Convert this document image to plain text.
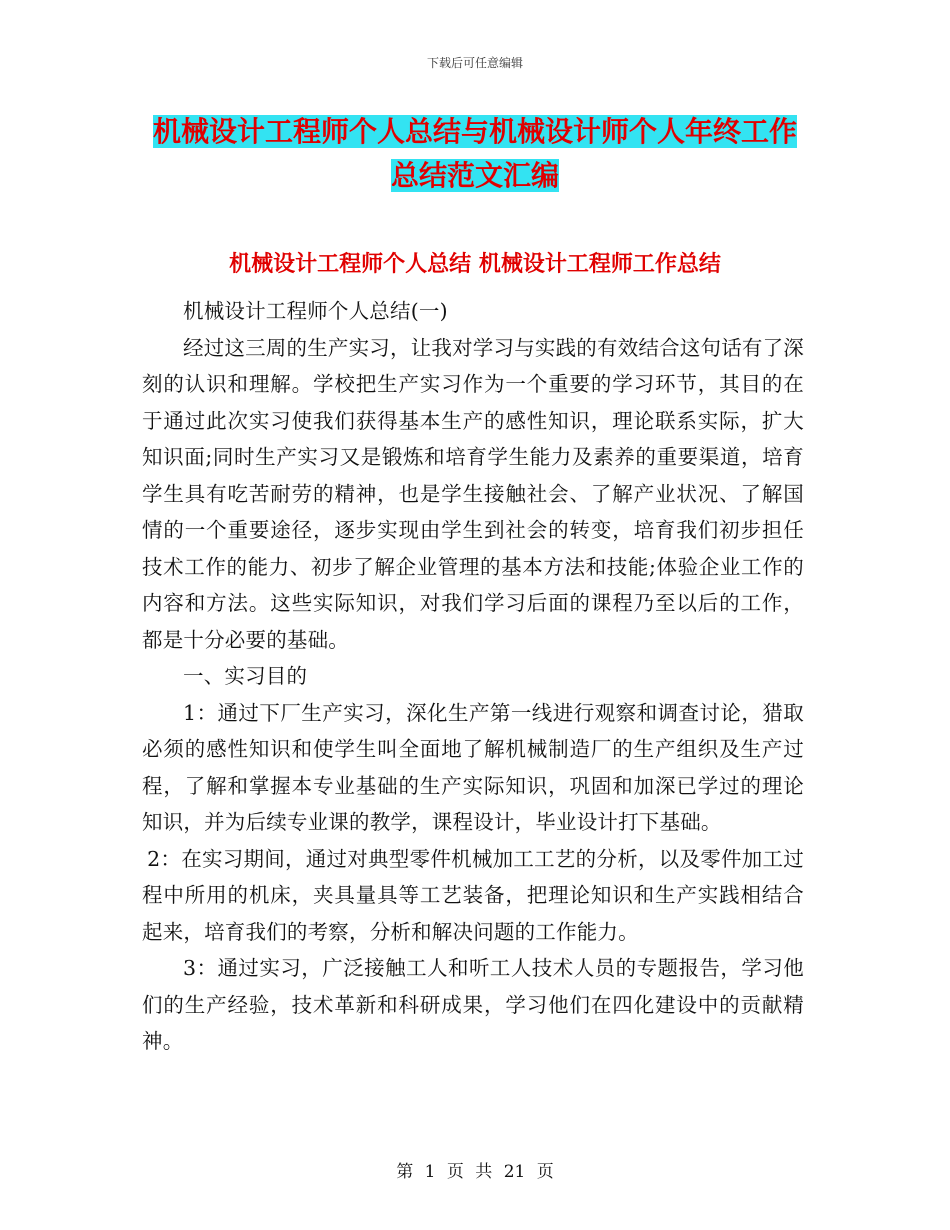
下载后可任意编辑
机械设计工程师个人总结与机械设计师个人年终工作
总结范文汇编
机械设计工程师个人总结 机械设计工程师工作总结

机械设计工程师个人总结(一)

经过这三周的生产实习，让我对学习与实践的有效结合这句话有了深刻的认识和理解。学校把生产实习作为一个重要的学习环节，其目的在于通过此次实习使我们获得基本生产的感性知识，理论联系实际，扩大知识面;同时生产实习又是锻炼和培育学生能力及素养的重要渠道，培育学生具有吃苦耐劳的精神，也是学生接触社会、了解产业状况、了解国情的一个重要途径，逐步实现由学生到社会的转变，培育我们初步担任技术工作的能力、初步了解企业管理的基本方法和技能;体验企业工作的内容和方法。这些实际知识，对我们学习后面的课程乃至以后的工作，都是十分必要的基础。

一、实习目的

1：通过下厂生产实习，深化生产第一线进行观察和调查讨论，猎取必须的感性知识和使学生叫全面地了解机械制造厂的生产组织及生产过程，了解和掌握本专业基础的生产实际知识，巩固和加深已学过的理论知识，并为后续专业课的教学，课程设计，毕业设计打下基础。

2：在实习期间，通过对典型零件机械加工工艺的分析，以及零件加工过程中所用的机床，夹具量具等工艺装备，把理论知识和生产实践相结合起来，培育我们的考察，分析和解决问题的工作能力。

3：通过实习，广泛接触工人和听工人技术人员的专题报告，学习他们的生产经验，技术革新和科研成果，学习他们在四化建设中的贡献精神。

第 1 页 共 21 页
